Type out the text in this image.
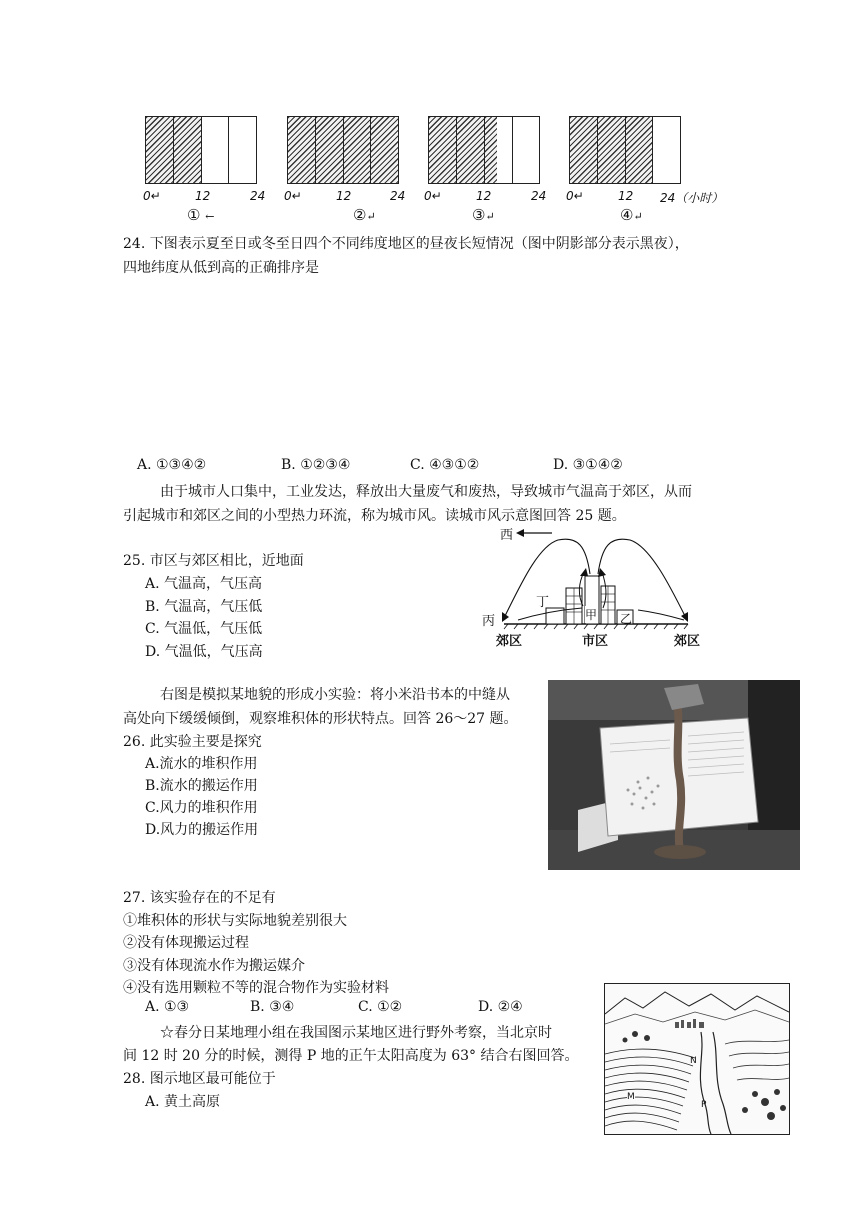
0↵	12	24 0↵	12	24 0↵	12	24 0↵	12 24（小时）
① ←	②↵	③↵	④↵
24. 下图表示夏至日或冬至日四个不同纬度地区的昼夜长短情况（图中阴影部分表示黑夜），
四地纬度从低到高的正确排序是
A. ①③④②	B. ①②③④	C. ④③①②	D. ③①④②
由于城市人口集中，工业发达，释放出大量废气和废热，导致城市气温高于郊区，从而
引起城市和郊区之间的小型热力环流，称为城市风。读城市风示意图回答 25 题。
25. 市区与郊区相比，近地面
A. 气温高，气压高
B. 气温高，气压低
C. 气温低，气压低
D. 气温低，气压高
西
丙
丁
甲 乙
郊区	市区	郊区
右图是模拟某地貌的形成小实验：将小米沿书本的中缝从
高处向下缓缓倾倒，观察堆积体的形状特点。回答 26～27 题。
26. 此实验主要是探究
A.流水的堆积作用
B.流水的搬运作用
C.风力的堆积作用
D.风力的搬运作用
27. 该实验存在的不足有
①堆积体的形状与实际地貌差别很大
②没有体现搬运过程
③没有体现流水作为搬运媒介
④没有选用颗粒不等的混合物作为实验材料
A. ①③	B. ③④	C. ①②	D. ②④
☆春分日某地理小组在我国图示某地区进行野外考察，当北京时
间 12 时 20 分的时候，测得 P 地的正午太阳高度为 63° 结合右图回答。
28. 图示地区最可能位于
A. 黄土高原
N
M
P
